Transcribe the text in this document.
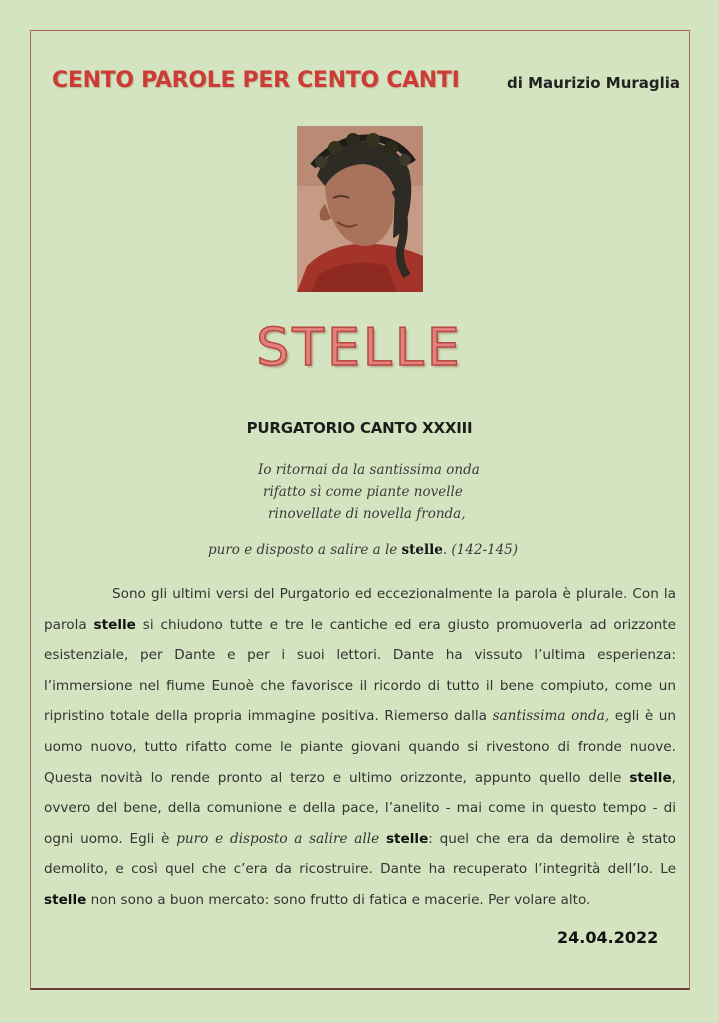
CENTO PAROLE PER CENTO CANTI	di Maurizio Muraglia
STELLE
PURGATORIO CANTO XXXIII
Io ritornai da la santissima onda
rifatto sì come piante novelle
rinovellate di novella fronda,
puro e disposto a salire a le stelle. (142-145)
Sono gli ultimi versi del Purgatorio ed eccezionalmente la parola è plurale. Con la parola stelle si chiudono tutte e tre le cantiche ed era giusto promuoverla ad orizzonte esistenziale, per Dante e per i suoi lettori. Dante ha vissuto l’ultima esperienza: l’immersione nel fiume Eunoè che favorisce il ricordo di tutto il bene compiuto, come un ripristino totale della propria immagine positiva. Riemerso dalla santissima onda, egli è un uomo nuovo, tutto rifatto come le piante giovani quando si rivestono di fronde nuove. Questa novità lo rende pronto al terzo e ultimo orizzonte, appunto quello delle stelle, ovvero del bene, della comunione e della pace, l’anelito - mai come in questo tempo - di ogni uomo. Egli è puro e disposto a salire alle stelle: quel che era da demolire è stato demolito, e così quel che c’era da ricostruire. Dante ha recuperato l’integrità dell’Io. Le stelle non sono a buon mercato: sono frutto di fatica e macerie. Per volare alto.
24.04.2022
